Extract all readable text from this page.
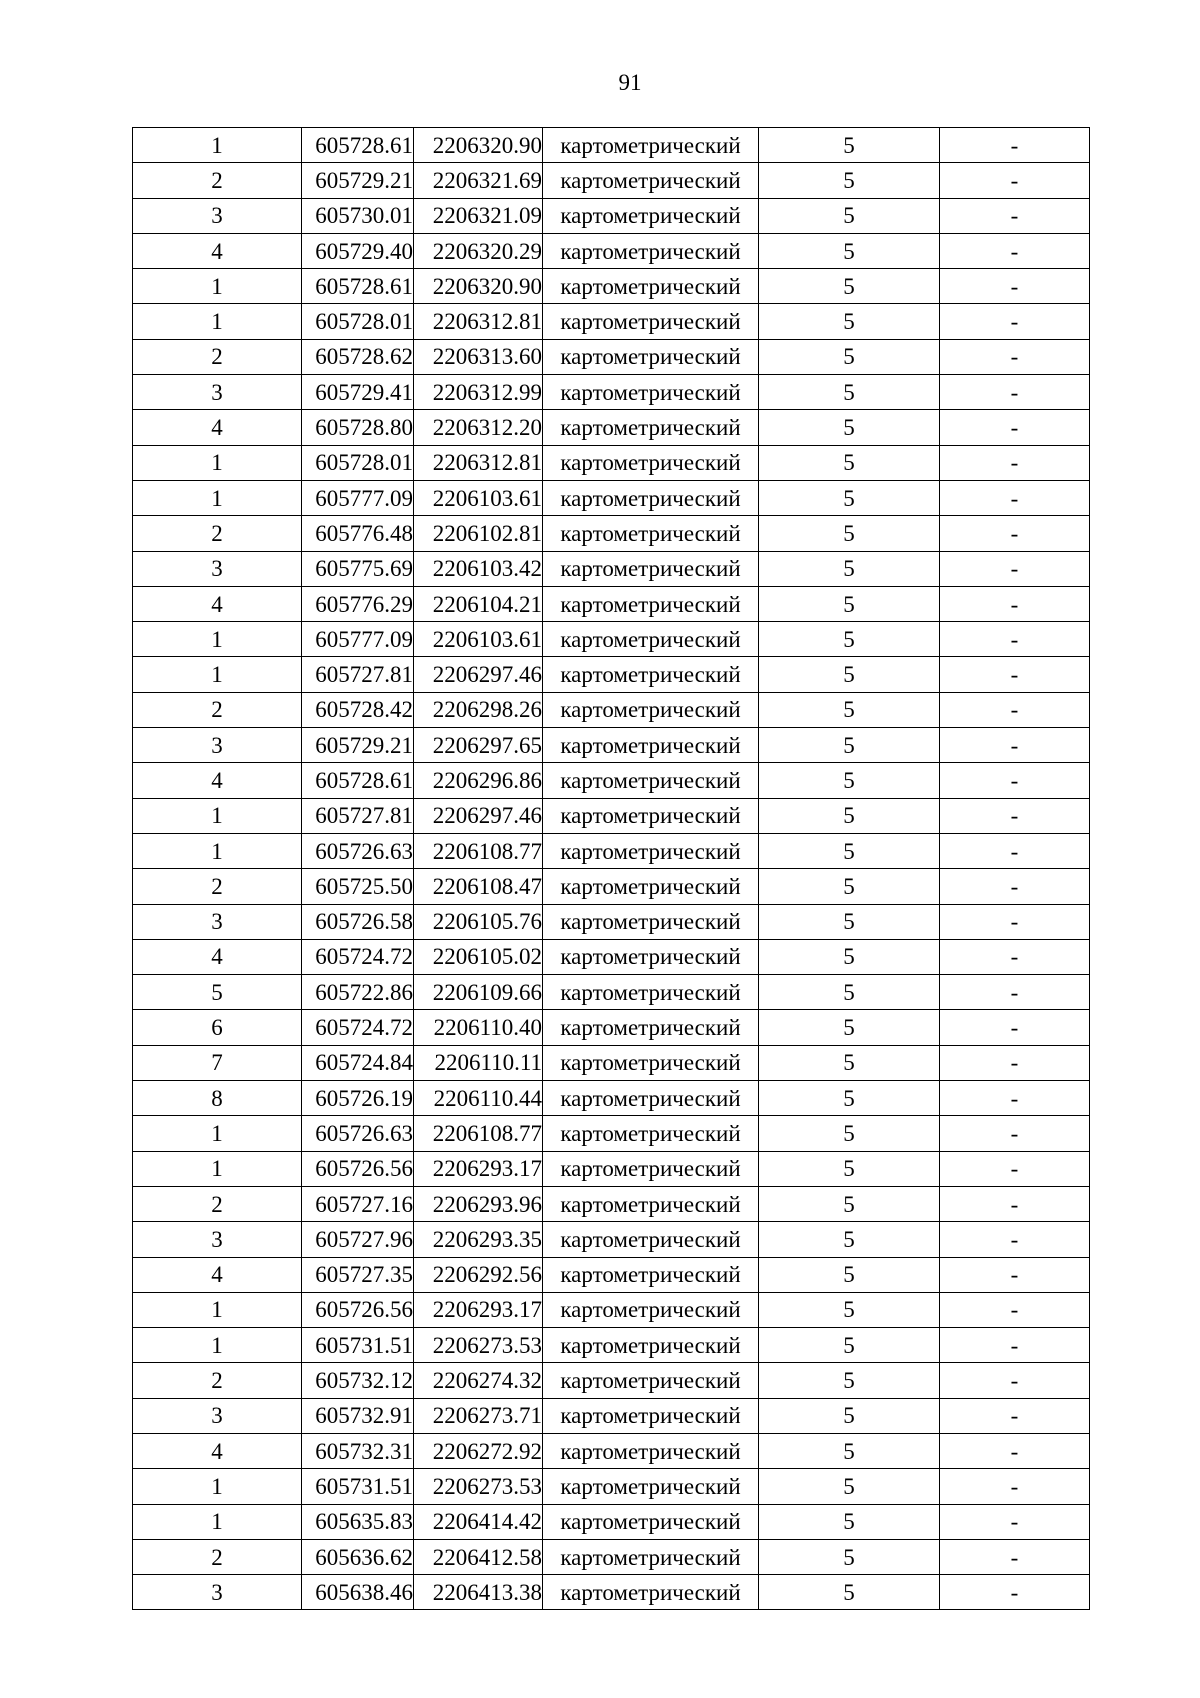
91
1	605728.61	2206320.90	картометрический	5	-
2	605729.21	2206321.69	картометрический	5	-
3	605730.01	2206321.09	картометрический	5	-
4	605729.40	2206320.29	картометрический	5	-
1	605728.61	2206320.90	картометрический	5	-
1	605728.01	2206312.81	картометрический	5	-
2	605728.62	2206313.60	картометрический	5	-
3	605729.41	2206312.99	картометрический	5	-
4	605728.80	2206312.20	картометрический	5	-
1	605728.01	2206312.81	картометрический	5	-
1	605777.09	2206103.61	картометрический	5	-
2	605776.48	2206102.81	картометрический	5	-
3	605775.69	2206103.42	картометрический	5	-
4	605776.29	2206104.21	картометрический	5	-
1	605777.09	2206103.61	картометрический	5	-
1	605727.81	2206297.46	картометрический	5	-
2	605728.42	2206298.26	картометрический	5	-
3	605729.21	2206297.65	картометрический	5	-
4	605728.61	2206296.86	картометрический	5	-
1	605727.81	2206297.46	картометрический	5	-
1	605726.63	2206108.77	картометрический	5	-
2	605725.50	2206108.47	картометрический	5	-
3	605726.58	2206105.76	картометрический	5	-
4	605724.72	2206105.02	картометрический	5	-
5	605722.86	2206109.66	картометрический	5	-
6	605724.72	2206110.40	картометрический	5	-
7	605724.84	2206110.11	картометрический	5	-
8	605726.19	2206110.44	картометрический	5	-
1	605726.63	2206108.77	картометрический	5	-
1	605726.56	2206293.17	картометрический	5	-
2	605727.16	2206293.96	картометрический	5	-
3	605727.96	2206293.35	картометрический	5	-
4	605727.35	2206292.56	картометрический	5	-
1	605726.56	2206293.17	картометрический	5	-
1	605731.51	2206273.53	картометрический	5	-
2	605732.12	2206274.32	картометрический	5	-
3	605732.91	2206273.71	картометрический	5	-
4	605732.31	2206272.92	картометрический	5	-
1	605731.51	2206273.53	картометрический	5	-
1	605635.83	2206414.42	картометрический	5	-
2	605636.62	2206412.58	картометрический	5	-
3	605638.46	2206413.38	картометрический	5	-
